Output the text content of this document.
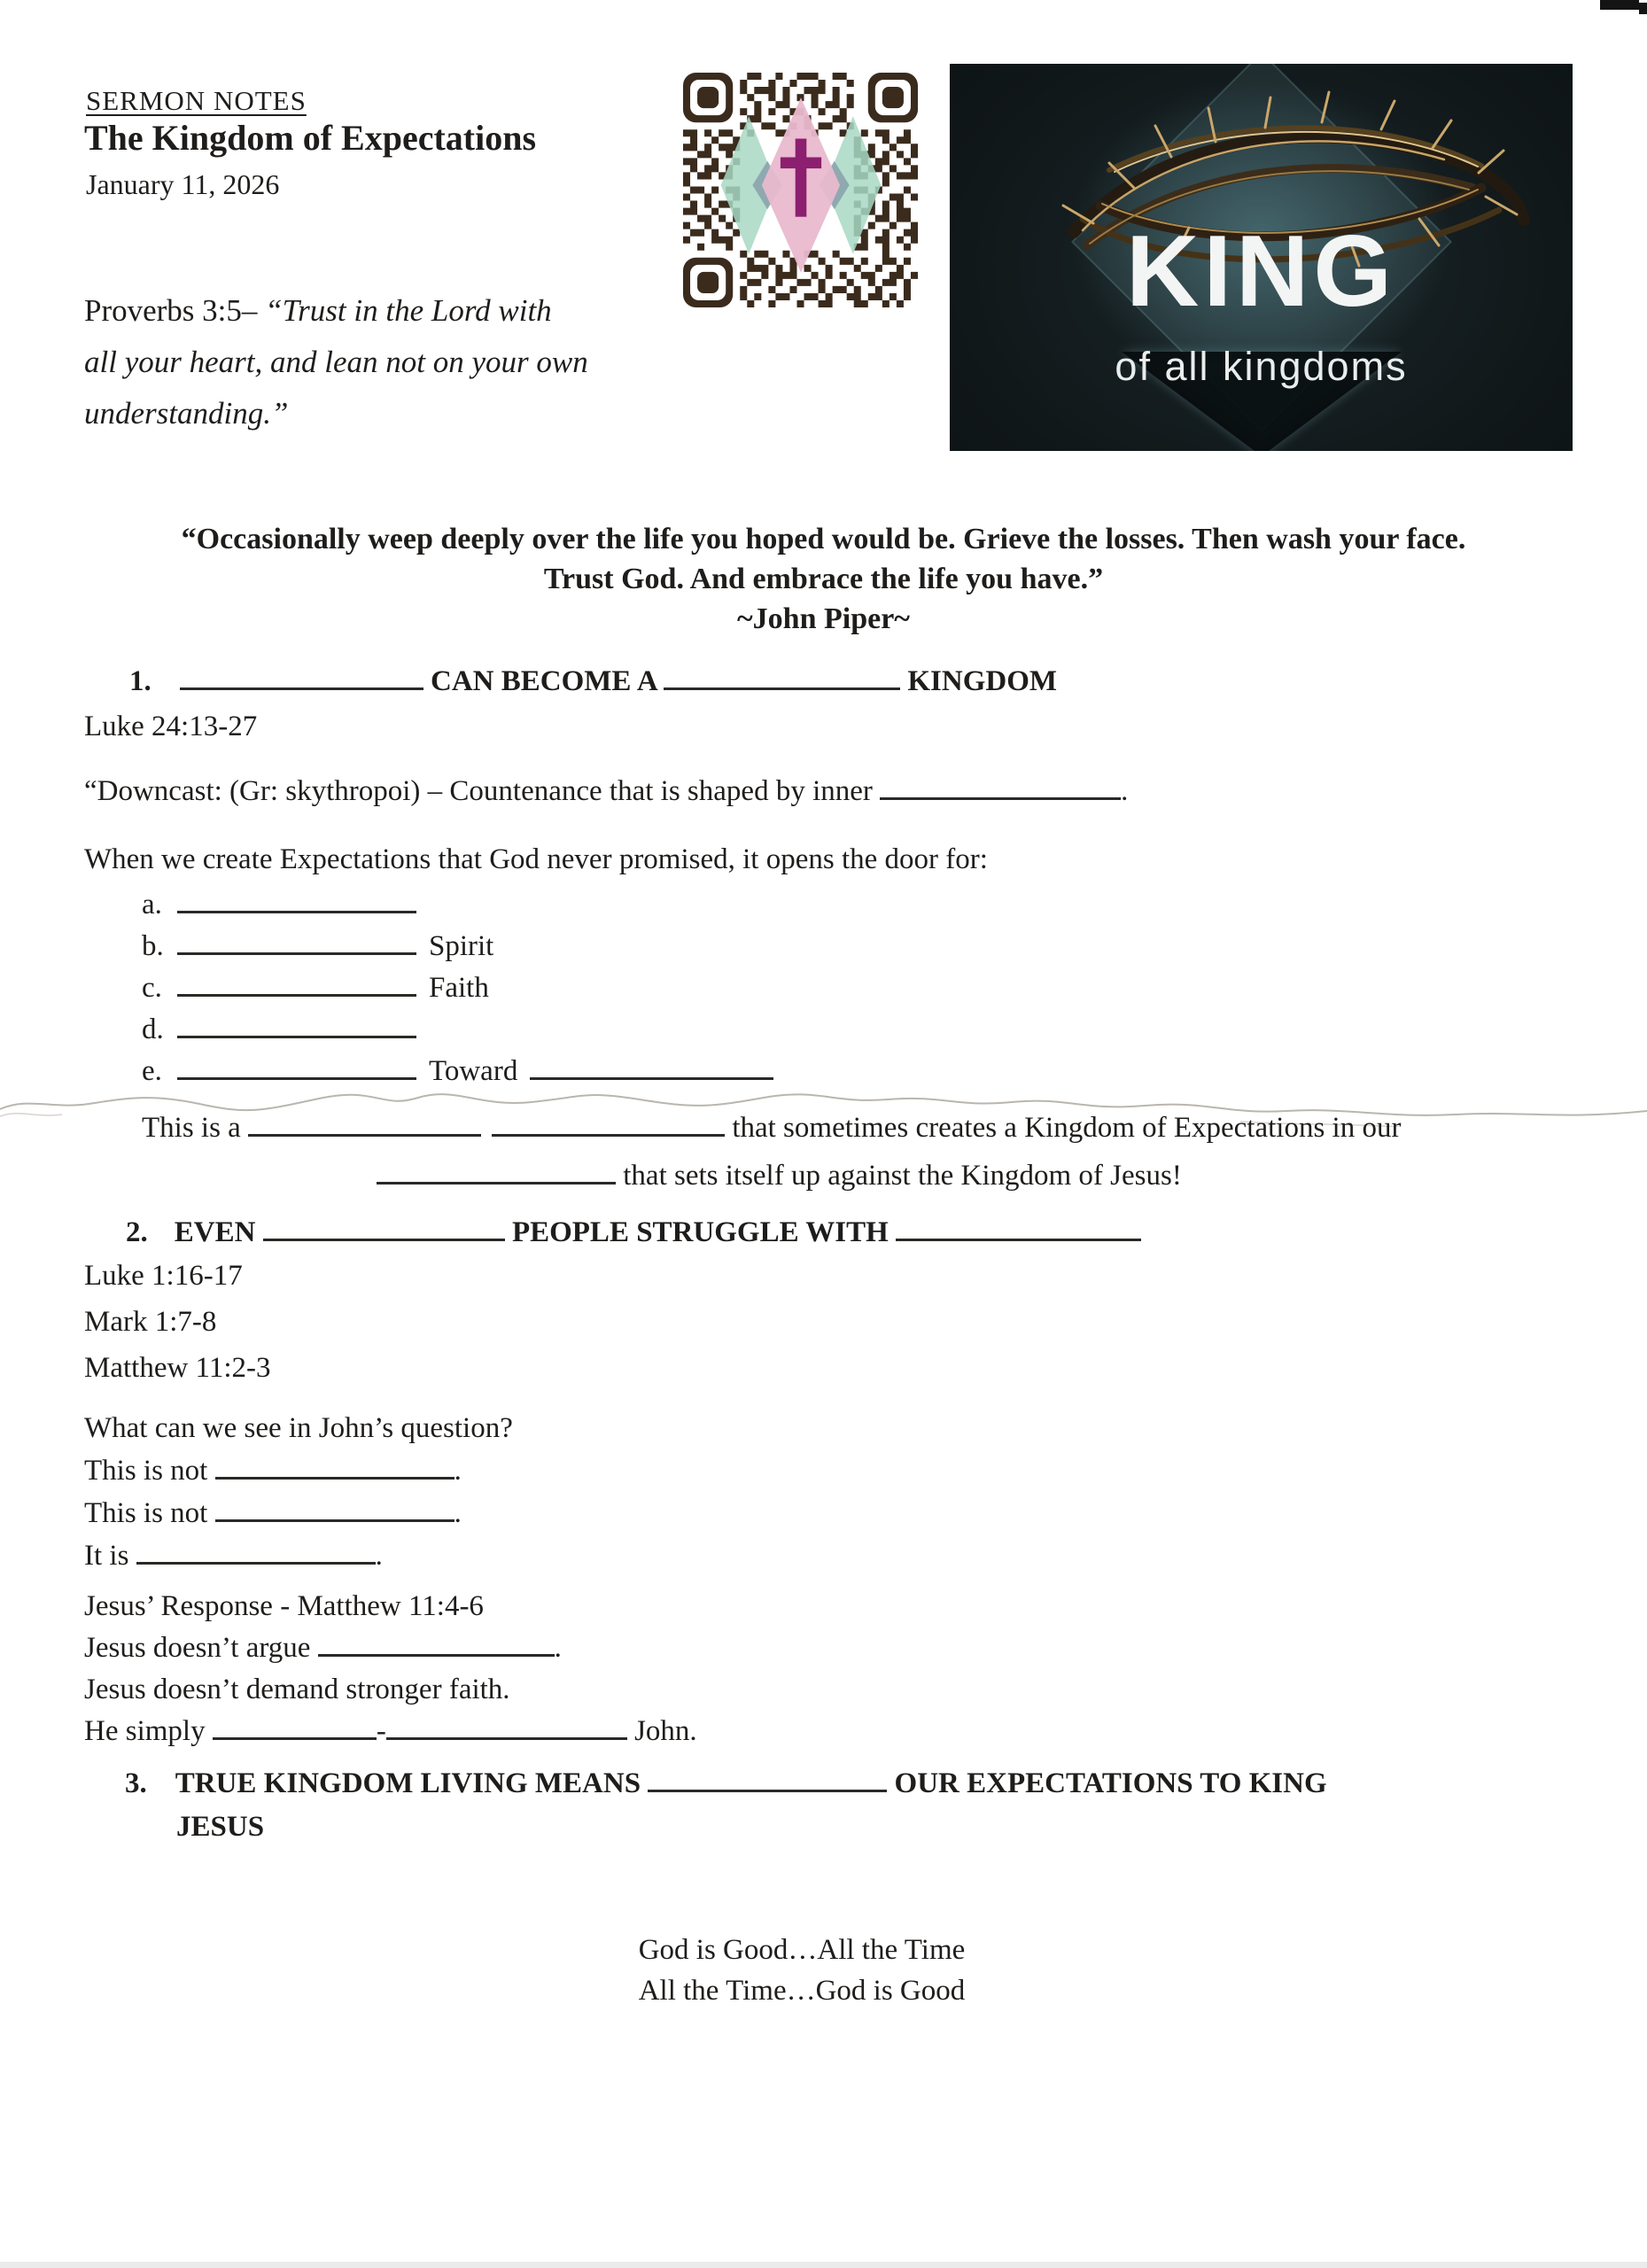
SERMON NOTES
The Kingdom of Expectations
January 11, 2026
Proverbs 3:5– “Trust in the Lord with
all your heart, and lean not on your own
understanding.”
KING
of all kingdoms
“Occasionally weep deeply over the life you hoped would be. Grieve the losses. Then wash your face.
Trust God. And embrace the life you have.”
~John Piper~
1.	CAN BECOME A	KINGDOM
Luke 24:13-27
“Downcast: (Gr: skythropoi) – Countenance that is shaped by inner	.
When we create Expectations that God never promised, it opens the door for:
a.
b.	Spirit
c.	Faith
d.
e.	Toward
This is a	that sometimes creates a Kingdom of Expectations in our
that sets itself up against the Kingdom of Jesus!
2. EVEN	PEOPLE STRUGGLE WITH
Luke 1:16-17
Mark 1:7-8
Matthew 11:2-3
What can we see in John’s question?
This is not	.
This is not	.
It is	.
Jesus’ Response - Matthew 11:4-6
Jesus doesn’t argue	.
Jesus doesn’t demand stronger faith.
He simply	-	John.
3. TRUE KINGDOM LIVING MEANS	OUR EXPECTATIONS TO KING
JESUS
God is Good…All the Time
All the Time…God is Good
